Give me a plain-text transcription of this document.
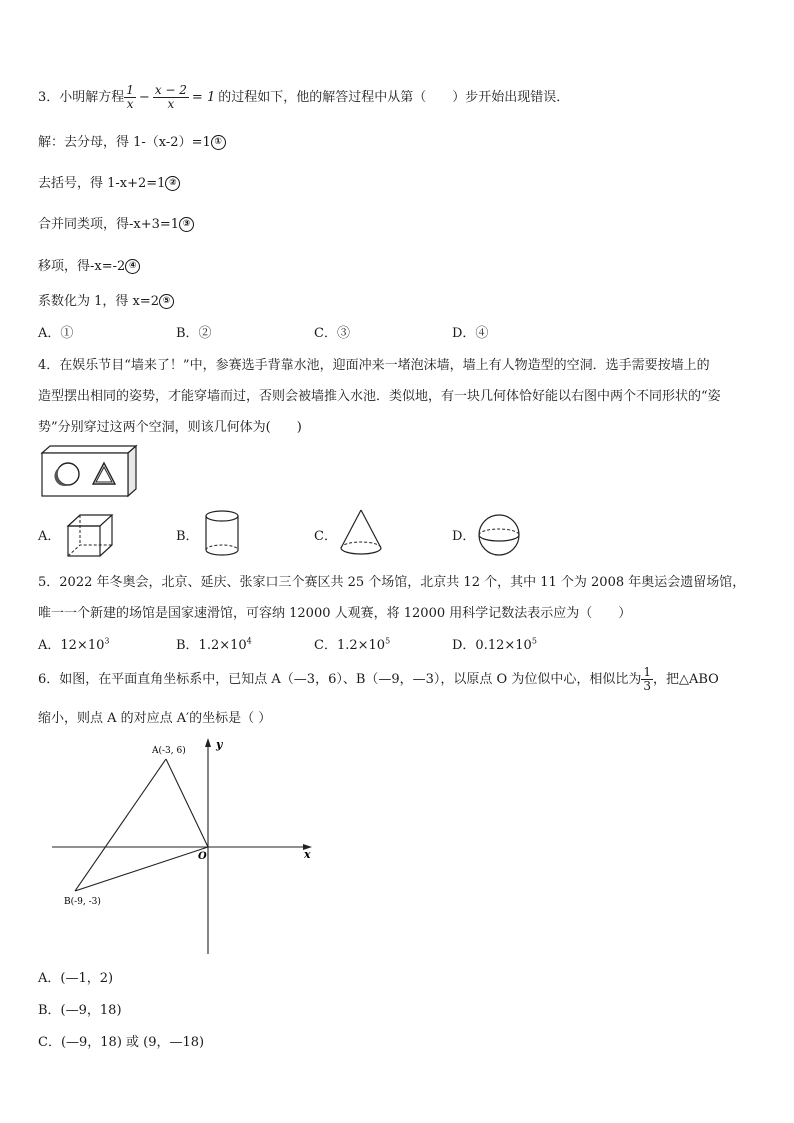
3．小明解方程 $\frac{1}{x} - \frac{x - 2}{x} = 1$ 的过程如下，他的解答过程中从第（　　）步开始出现错误．
解：去分母，得 1-（x-2）=1 ①
去括号，得 1-x+2=1 ②
合并同类项，得-x+3=1 ③
移项，得-x=-2 ④
系数化为 1，得 x=2 ⑤
A．①	B．②	C．③	D．④
4．在娱乐节目“墙来了！”中，参赛选手背靠水池，迎面冲来一堵泡沫墙，墙上有人物造型的空洞．选手需要按墙上的
造型摆出相同的姿势，才能穿墙而过，否则会被墙推入水池．类似地，有一块几何体恰好能以右图中两个不同形状的“姿
势”分别穿过这两个空洞，则该几何体为(　　)
A．	B．	C．	D．
5．2022 年冬奥会，北京、延庆、张家口三个赛区共 25 个场馆，北京共 12 个，其中 11 个为 2008 年奥运会遗留场馆，
唯一一个新建的场馆是国家速滑馆，可容纳 12000 人观赛，将 12000 用科学记数法表示应为（　　）
A．$12\times 10^3$	B．$1.2\times 10^4$	C．$1.2\times 10^5$	D．$0.12\times 10^5$
6．如图，在平面直角坐标系中，已知点 A（—3，6）、B（—9，—3），以原点 O 为位似中心，相似比为 $\frac{1}{3}$ ，把△ABO
缩小，则点 A 的对应点 A′的坐标是（ ）
y
x
O
A(-3, 6)
B(-9, -3)
A．(—1，2)
B．(—9，18)
C．(—9，18) 或 (9，—18)
